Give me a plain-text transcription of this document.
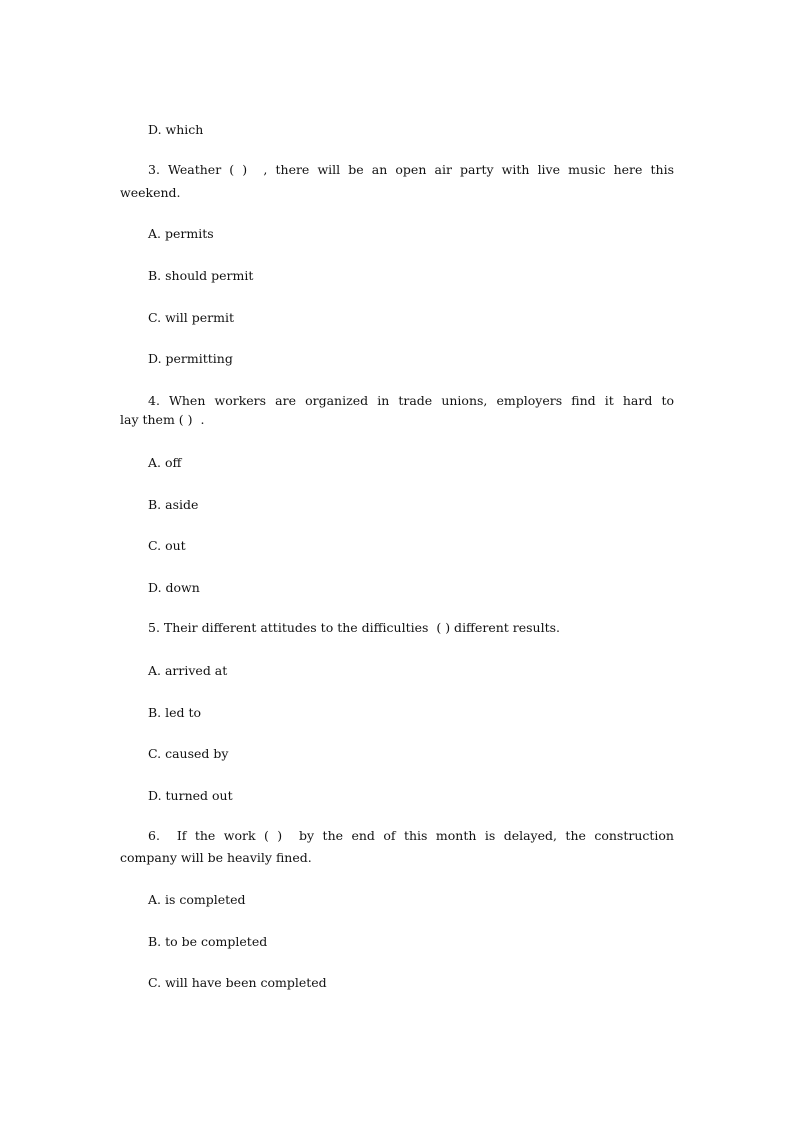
D. which
3. Weather ( )  , there will be an open air party with live music here this
weekend.
A. permits
B. should permit
C. will permit
D. permitting
4. When workers are organized in trade unions, employers find it hard to
lay them ( )  .
A. off
B. aside
C. out
D. down
5. Their different attitudes to the difficulties  ( ) different results.
A. arrived at
B. led to
C. caused by
D. turned out
6.  If the work ( )  by the end of this month is delayed, the construction
company will be heavily fined.
A. is completed
B. to be completed
C. will have been completed
